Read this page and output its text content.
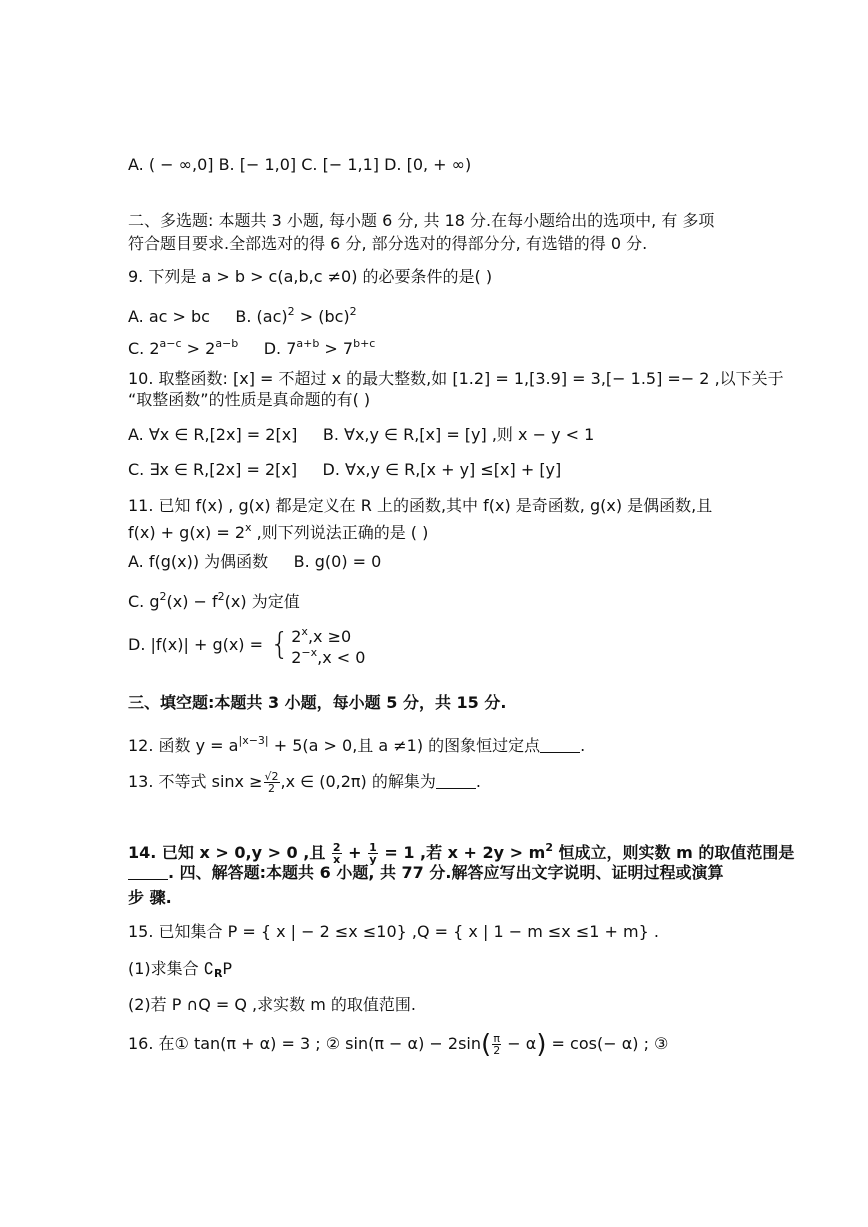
A. ( − ∞,0] B. [− 1,0] C. [− 1,1] D. [0, + ∞)
二、多选题: 本题共 3 小题, 每小题 6 分, 共 18 分.在每小题给出的选项中, 有 多项
符合题目要求.全部选对的得 6 分, 部分选对的得部分分, 有选错的得 0 分.
9. 下列是 a > b > c(a,b,c ≠0) 的必要条件的是( )
A. ac > bc B. (ac)$^2$ > (bc)$^2$
C. $2^{a-c} > 2^{a-b}$ D. $7^{a+b} > 7^{b+c}$
10. 取整函数: [x] = 不超过 x 的最大整数,如 [1.2] = 1,[3.9] = 3,[− 1.5] =− 2 ,以下关于
“取整函数”的性质是真命题的有( )
A. ∀x ∈ R,[2x] = 2[x] B. ∀x,y ∈ R,[x] = [y] ,则 x − y < 1
C. ∃x ∈ R,[2x] = 2[x] D. ∀x,y ∈ R,[x + y] ≤[x] + [y]
11. 已知 f(x) , g(x) 都是定义在 R 上的函数,其中 f(x) 是奇函数, g(x) 是偶函数,且
$f(x) + g(x) = 2^x$ ,则下列说法正确的是 ( )
A. f(g(x)) 为偶函数 B. g(0) = 0
C. $g^2(x) - f^2(x)$ 为定值
D. |f(x)| + g(x) = { $2^x,x \ge 0$
$2^{-x},x < 0$
三、填空题:本题共 3 小题，每小题 5 分，共 15 分.
12. 函数 $y = a^{|x-3|} + 5(a > 0$,且 a ≠1) 的图象恒过定点	.
13. 不等式 $\sin x \ge \frac{√2}{2} ,x$ ∈ (0,2π) 的解集为	.
14. 已知 x > 0,y > 0 ,且 $\frac{2}{x} + \frac{1}{y} = 1$ ,若 $x + 2y > m^2$ 恒成立，则实数 m 的取值范围是
. 四、解答题:本题共 6 小题, 共 77 分.解答应写出文字说明、证明过程或演算
步 骤.
15. 已知集合 P = { x | − 2 ≤x ≤10} ,Q = { x | 1 − m ≤x ≤1 + m} .
(1)求集合 ∁RP
(2)若 P ∩Q = Q ,求实数 m 的取值范围.
16. 在① tan(π + α) = 3 ; ② $\sin(\pi - \alpha) - 2\sin( \frac{\pi}{2} - \alpha) = \cos(- \alpha)$ ; ③
